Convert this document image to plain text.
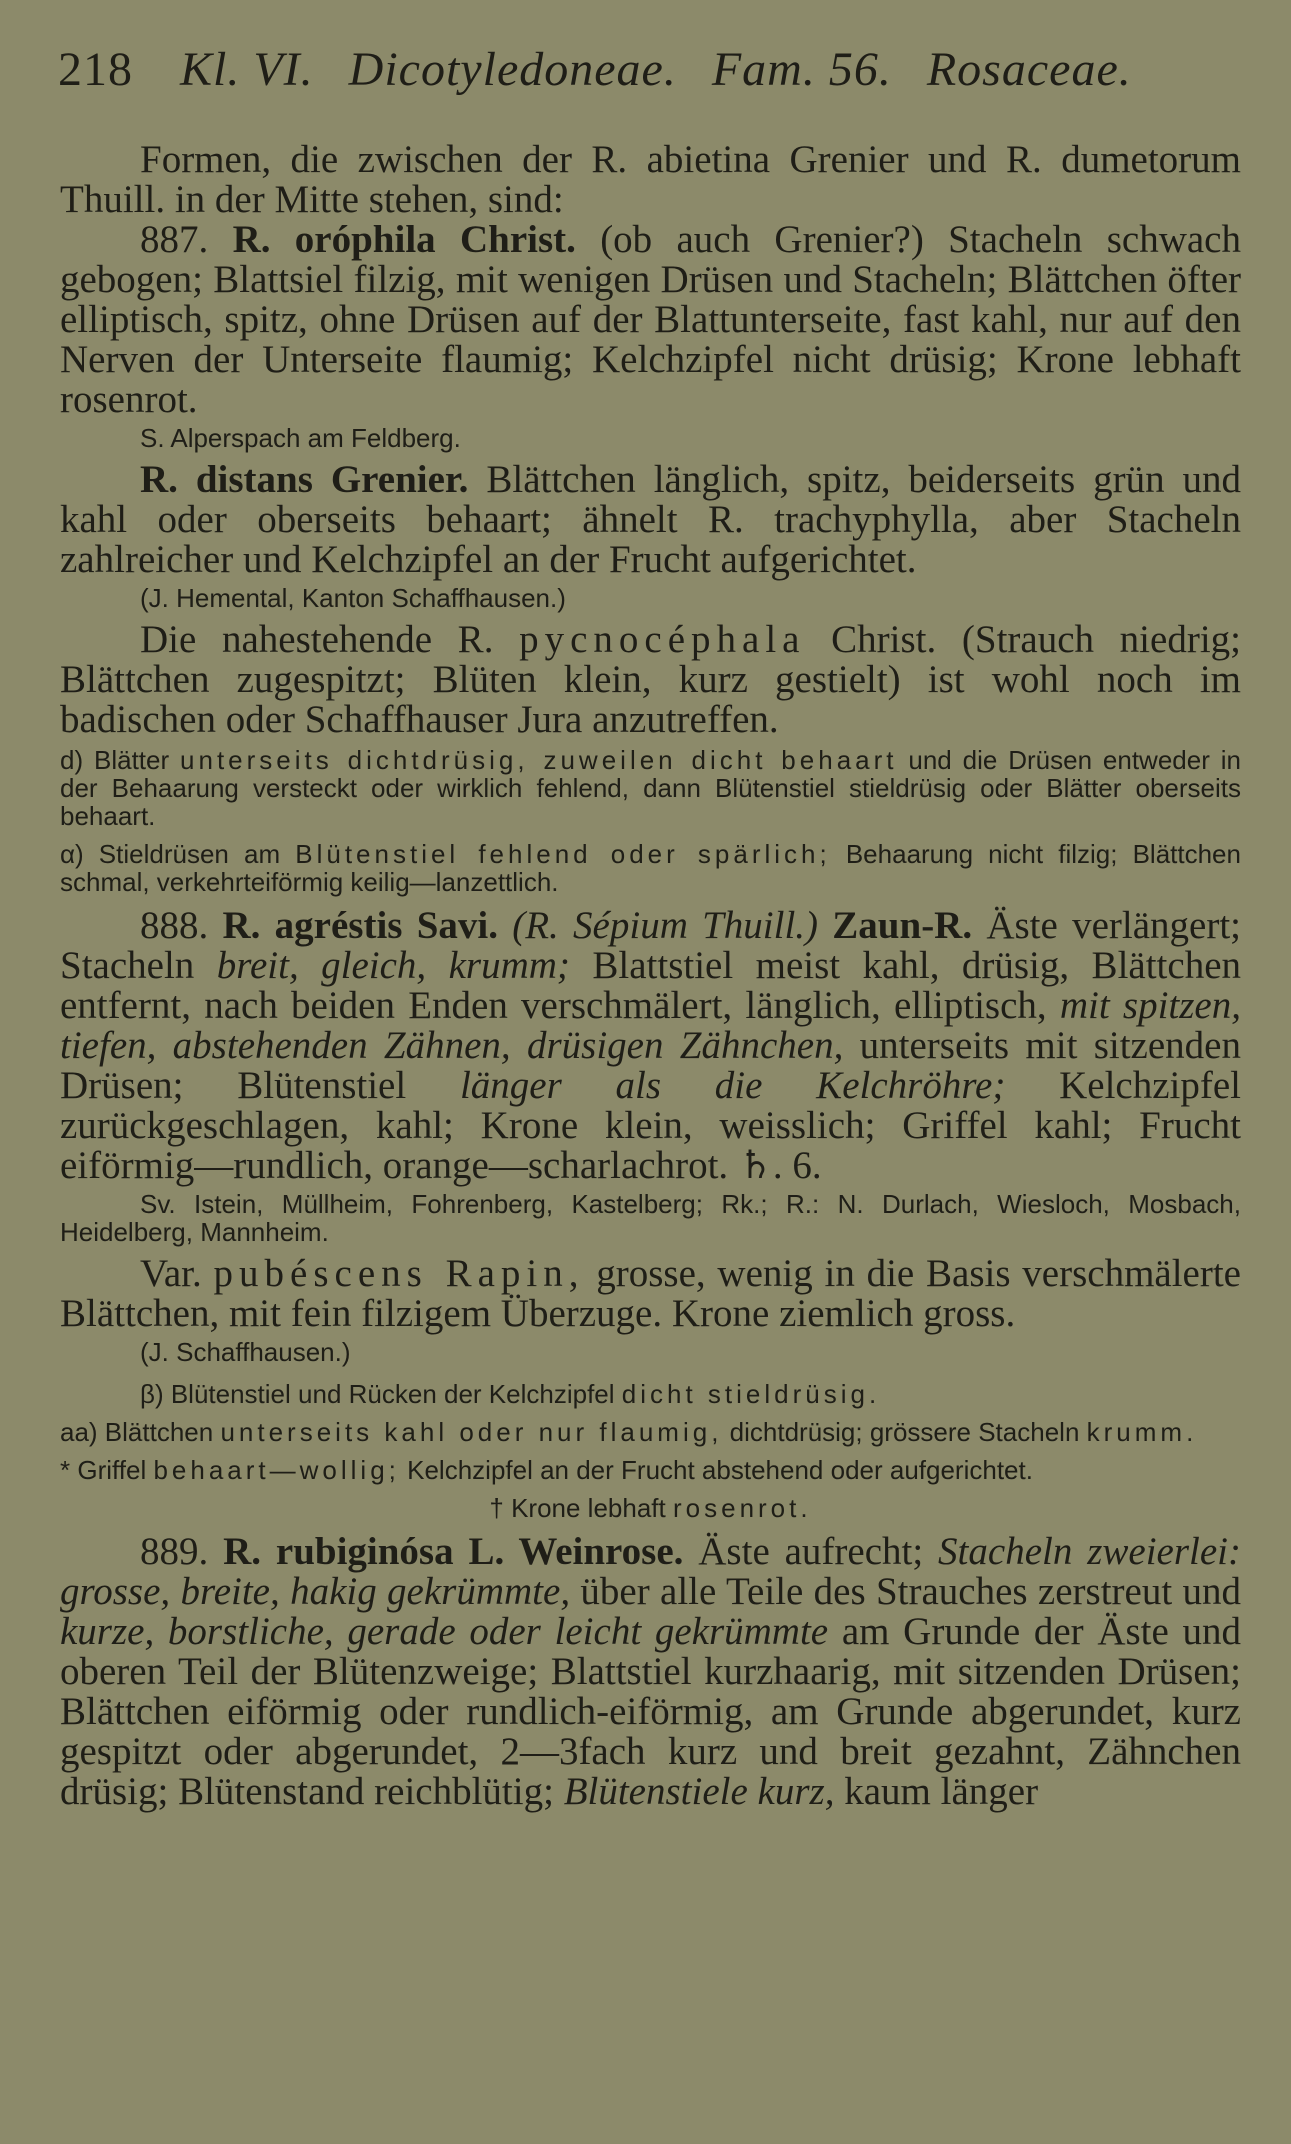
218 Kl. VI. Dicotyledoneae. Fam. 56. Rosaceae.

Formen, die zwischen der R. abietina Grenier und R. dumetorum Thuill. in der Mitte stehen, sind:

887. R. oróphila Christ. (ob auch Grenier?) Stacheln schwach gebogen; Blattsiel filzig, mit wenigen Drüsen und Stacheln; Blättchen öfter elliptisch, spitz, ohne Drüsen auf der Blattunterseite, fast kahl, nur auf den Nerven der Unterseite flaumig; Kelchzipfel nicht drüsig; Krone lebhaft rosenrot.

S. Alperspach am Feldberg.

R. distans Grenier. Blättchen länglich, spitz, beiderseits grün und kahl oder oberseits behaart; ähnelt R. trachyphylla, aber Stacheln zahlreicher und Kelchzipfel an der Frucht aufgerichtet.

(J. Hemental, Kanton Schaffhausen.)

Die nahestehende R. pycnocéphala Christ. (Strauch niedrig; Blättchen zugespitzt; Blüten klein, kurz gestielt) ist wohl noch im badischen oder Schaffhauser Jura anzutreffen.

d) Blätter unterseits dichtdrüsig, zuweilen dicht behaart und die Drüsen entweder in der Behaarung versteckt oder wirklich fehlend, dann Blütenstiel stieldrüsig oder Blätter oberseits behaart.

α) Stieldrüsen am Blütenstiel fehlend oder spärlich; Behaarung nicht filzig; Blättchen schmal, verkehrteiförmig keilig—lanzettlich.

888. R. agréstis Savi. (R. Sépium Thuill.) Zaun-R. Äste verlängert; Stacheln breit, gleich, krumm; Blattstiel meist kahl, drüsig, Blättchen entfernt, nach beiden Enden verschmälert, länglich, elliptisch, mit spitzen, tiefen, abstehenden Zähnen, drüsigen Zähnchen, unterseits mit sitzenden Drüsen; Blütenstiel länger als die Kelchröhre; Kelchzipfel zurückgeschlagen, kahl; Krone klein, weisslich; Griffel kahl; Frucht eiförmig—rundlich, orange—scharlachrot. ♄. 6.

Sv. Istein, Müllheim, Fohrenberg, Kastelberg; Rk.; R.: N. Durlach, Wiesloch, Mosbach, Heidelberg, Mannheim.

Var. pubéscens Rapin, grosse, wenig in die Basis verschmälerte Blättchen, mit fein filzigem Überzuge. Krone ziemlich gross.

(J. Schaffhausen.)

β) Blütenstiel und Rücken der Kelchzipfel dicht stieldrüsig.

aa) Blättchen unterseits kahl oder nur flaumig, dichtdrüsig; grössere Stacheln krumm.

* Griffel behaart—wollig; Kelchzipfel an der Frucht abstehend oder aufgerichtet.

† Krone lebhaft rosenrot.

889. R. rubiginósa L. Weinrose. Äste aufrecht; Stacheln zweierlei: grosse, breite, hakig gekrümmte, über alle Teile des Strauches zerstreut und kurze, borstliche, gerade oder leicht gekrümmte am Grunde der Äste und oberen Teil der Blütenzweige; Blattstiel kurzhaarig, mit sitzenden Drüsen; Blättchen eiförmig oder rundlich-eiförmig, am Grunde abgerundet, kurz gespitzt oder abgerundet, 2—3fach kurz und breit gezahnt, Zähnchen drüsig; Blütenstand reichblütig; Blütenstiele kurz, kaum länger
